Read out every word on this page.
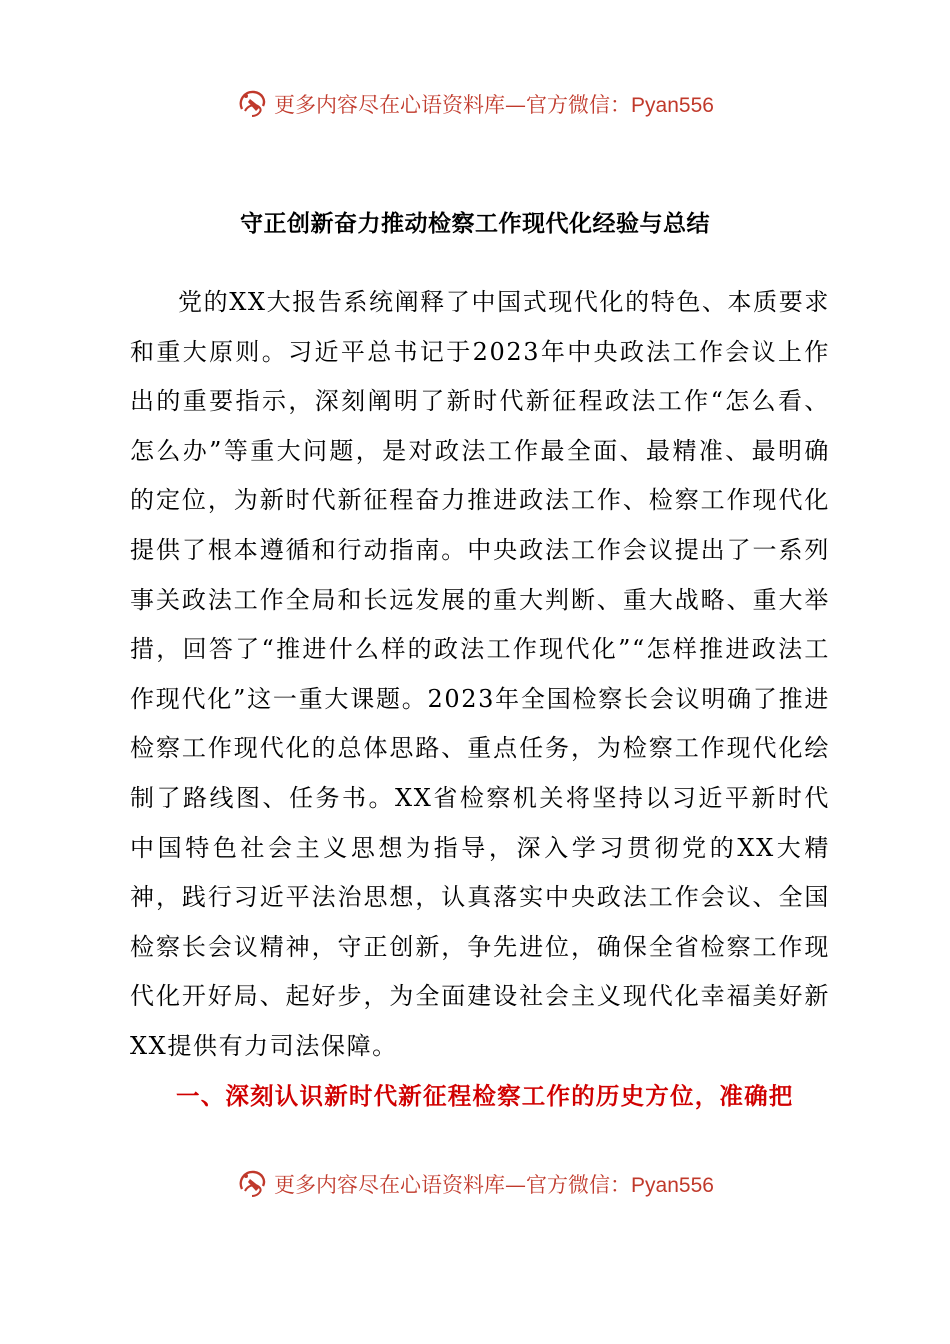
更多内容尽在心语资料库—官方微信：Pyan556
守正创新奋力推动检察工作现代化经验与总结

党的XX大报告系统阐释了中国式现代化的特色、本质要求和重大原则。习近平总书记于2023年中央政法工作会议上作出的重要指示，深刻阐明了新时代新征程政法工作“怎么看、怎么办”等重大问题，是对政法工作最全面、最精准、最明确的定位，为新时代新征程奋力推进政法工作、检察工作现代化提供了根本遵循和行动指南。中央政法工作会议提出了一系列事关政法工作全局和长远发展的重大判断、重大战略、重大举措，回答了“推进什么样的政法工作现代化”“怎样推进政法工作现代化”这一重大课题。2023年全国检察长会议明确了推进检察工作现代化的总体思路、重点任务，为检察工作现代化绘制了路线图、任务书。XX省检察机关将坚持以习近平新时代中国特色社会主义思想为指导，深入学习贯彻党的XX大精神，践行习近平法治思想，认真落实中央政法工作会议、全国检察长会议精神，守正创新，争先进位，确保全省检察工作现代化开好局、起好步，为全面建设社会主义现代化幸福美好新XX提供有力司法保障。

一、深刻认识新时代新征程检察工作的历史方位，准确把
更多内容尽在心语资料库—官方微信：Pyan556
